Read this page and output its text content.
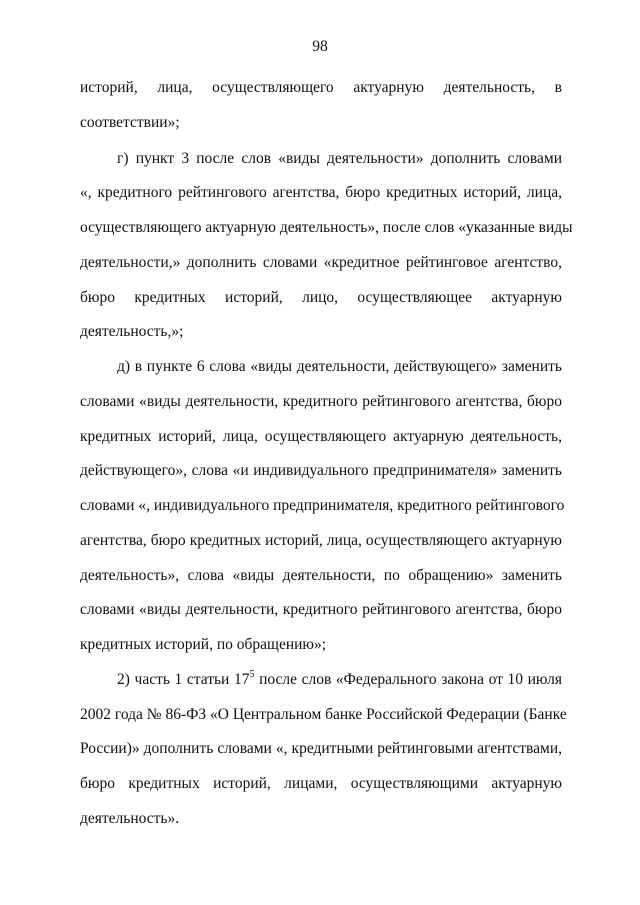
98
историй, лица, осуществляющего актуарную деятельность, в
соответствии»;
г) пункт 3 после слов «виды деятельности» дополнить словами
«, кредитного рейтингового агентства, бюро кредитных историй, лица,
осуществляющего актуарную деятельность», после слов «указанные виды
деятельности,» дополнить словами «кредитное рейтинговое агентство,
бюро кредитных историй, лицо, осуществляющее актуарную
деятельность,»;
д) в пункте 6 слова «виды деятельности, действующего» заменить
словами «виды деятельности, кредитного рейтингового агентства, бюро
кредитных историй, лица, осуществляющего актуарную деятельность,
действующего», слова «и индивидуального предпринимателя» заменить
словами «, индивидуального предпринимателя, кредитного рейтингового
агентства, бюро кредитных историй, лица, осуществляющего актуарную
деятельность», слова «виды деятельности, по обращению» заменить
словами «виды деятельности, кредитного рейтингового агентства, бюро
кредитных историй, по обращению»;
2) часть 1 статьи $17^5$ после слов «Федерального закона от 10 июля
2002 года № 86-ФЗ «О Центральном банке Российской Федерации (Банке
России)» дополнить словами «, кредитными рейтинговыми агентствами,
бюро кредитных историй, лицами, осуществляющими актуарную
деятельность».
